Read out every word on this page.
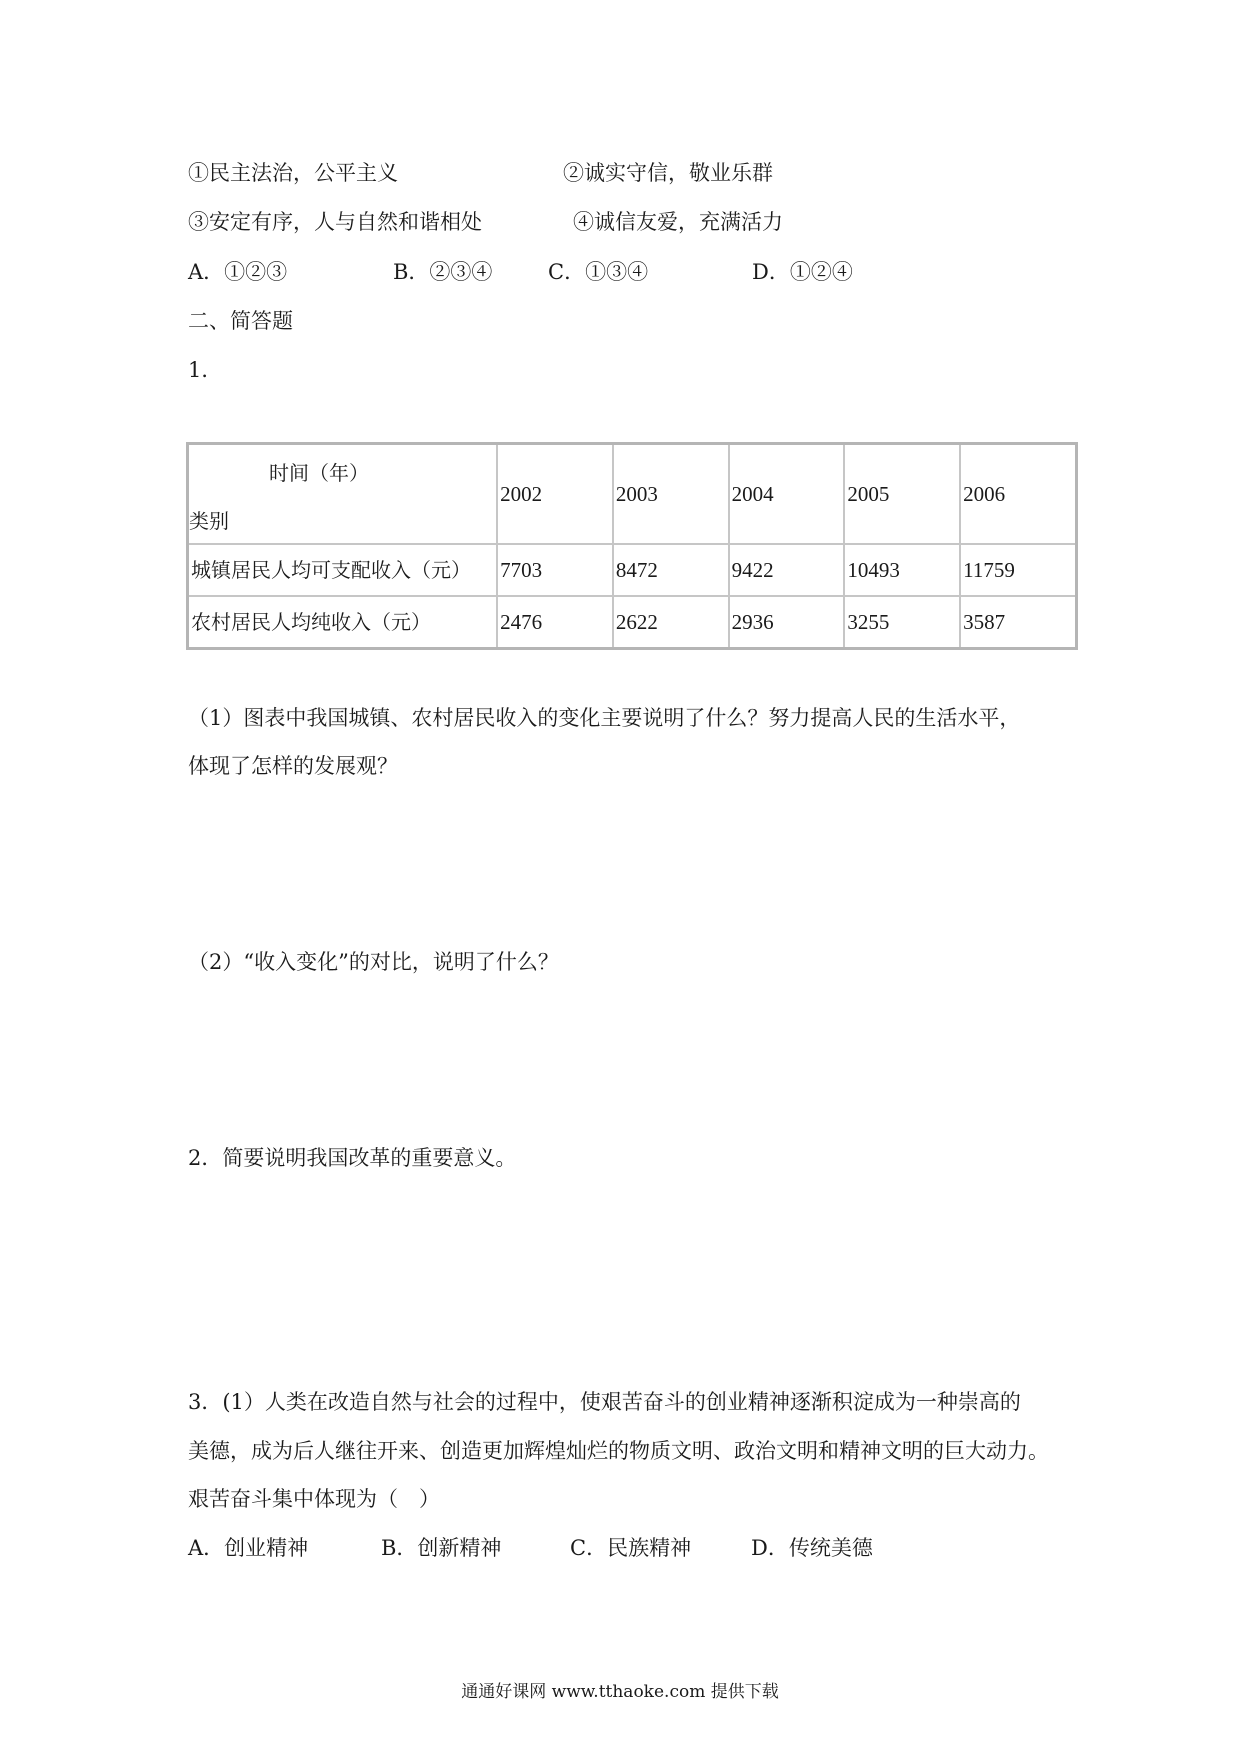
①民主法治，公平主义	②诚实守信，敬业乐群
③安定有序，人与自然和谐相处	④诚信友爱，充满活力
A．①②③	B．②③④	C．①③④	D．①②④
二、简答题
1．
时间（年）
类别	2002	2003	2004	2005	2006
城镇居民人均可支配收入（元）	7703	8472	9422	10493	11759
农村居民人均纯收入（元）	2476	2622	2936	3255	3587
（1）图表中我国城镇、农村居民收入的变化主要说明了什么？努力提高人民的生活水平，
体现了怎样的发展观？
（2）“收入变化”的对比，说明了什么？
2．简要说明我国改革的重要意义。
3．(1）人类在改造自然与社会的过程中，使艰苦奋斗的创业精神逐渐积淀成为一种崇高的
美德，成为后人继往开来、创造更加辉煌灿烂的物质文明、政治文明和精神文明的巨大动力。
艰苦奋斗集中体现为（　）
A．创业精神	B．创新精神	C．民族精神	D．传统美德
通通好课网 www.tthaoke.com 提供下载
